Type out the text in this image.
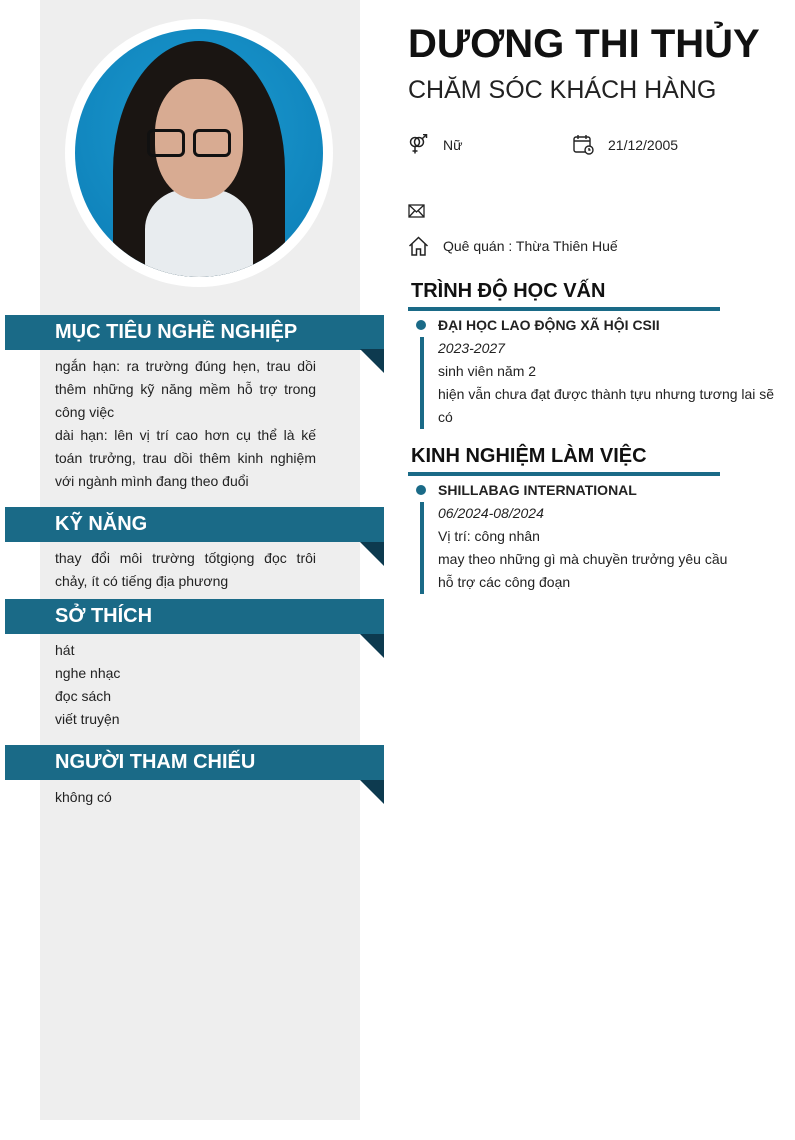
MỤC TIÊU NGHỀ NGHIỆP
ngắn hạn: ra trường đúng hẹn, trau dồi thêm những kỹ năng mềm hỗ trợ trong công việc
dài hạn: lên vị trí cao hơn cụ thể là kế toán trưởng, trau dồi thêm kinh nghiệm với ngành mình đang theo đuổi
KỸ NĂNG
thay đổi môi trường tốtgiọng đọc trôi chảy, ít có tiếng địa phương
SỞ THÍCH
hát
nghe nhạc
đọc sách
viết truyện
NGƯỜI THAM CHIẾU
không có
DƯƠNG THI THỦY
CHĂM SÓC KHÁCH HÀNG
Nữ	21/12/2005
Quê quán : Thừa Thiên Huế
TRÌNH ĐỘ HỌC VẤN
ĐẠI HỌC LAO ĐỘNG XÃ HỘI CSII
2023-2027
sinh viên năm 2
hiện vẫn chưa đạt được thành tựu nhưng tương lai sẽ có
KINH NGHIỆM LÀM VIỆC
SHILLABAG INTERNATIONAL
06/2024-08/2024
Vị trí: công nhân
may theo những gì mà chuyền trưởng yêu cầu
hỗ trợ các công đoạn
